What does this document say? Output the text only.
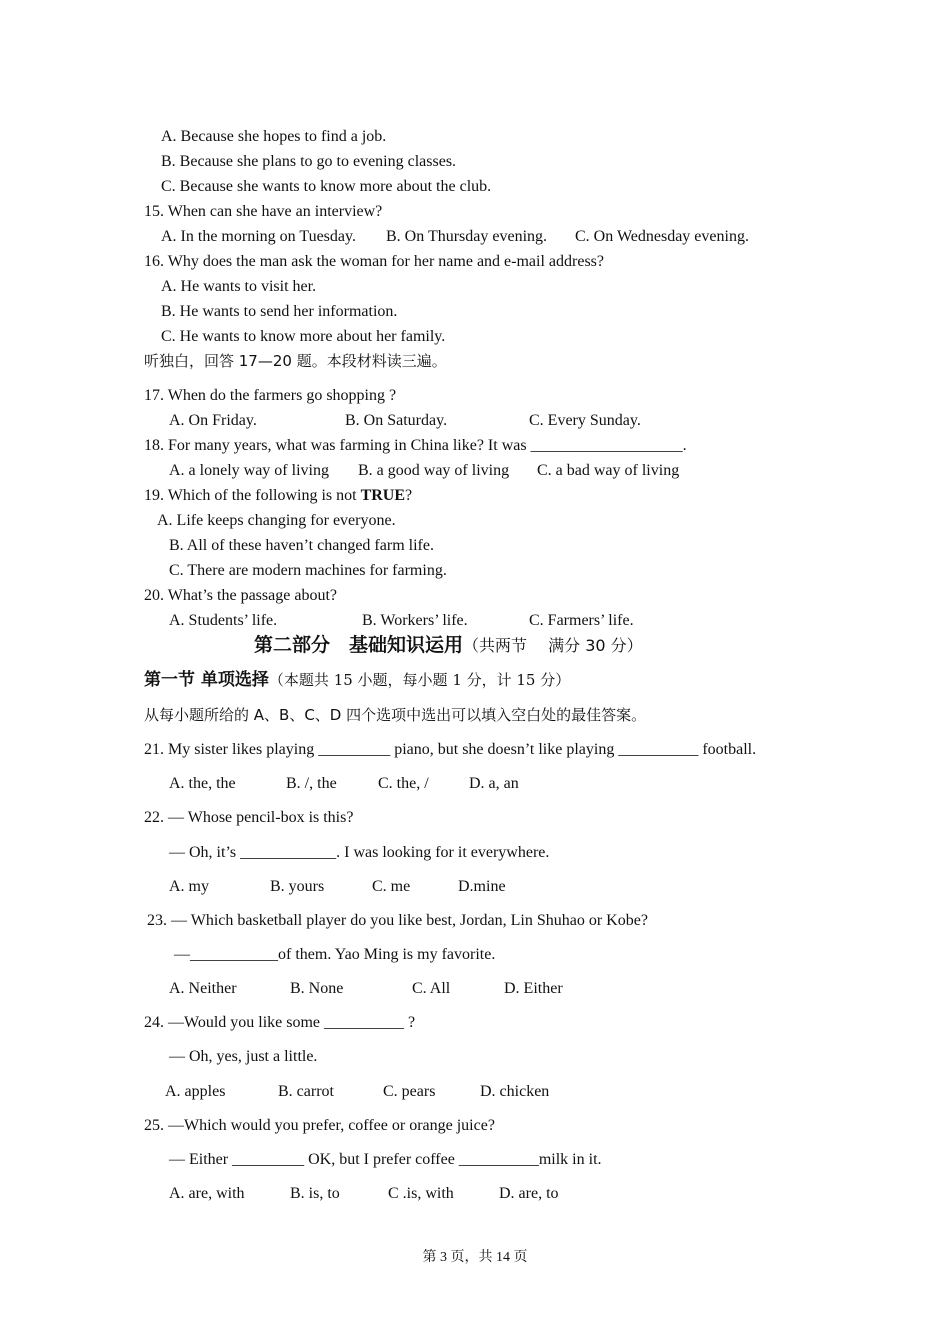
A. Because she hopes to find a job.
B. Because she plans to go to evening classes.
C. Because she wants to know more about the club.
15. When can she have an interview?
A. In the morning on Tuesday. B. On Thursday evening. C. On Wednesday evening.
16. Why does the man ask the woman for her name and e-mail address?
A. He wants to visit her.
B. He wants to send her information.
C. He wants to know more about her family.
听独白，回答 17—20 题。本段材料读三遍。
17. When do the farmers go shopping ?
A. On Friday.	B. On Saturday.	C. Every Sunday.
18. For many years, what was farming in China like? It was ___________________.
A. a lonely way of living B. a good way of living C. a bad way of living
19. Which of the following is not TRUE?
A. Life keeps changing for everyone.
B. All of these haven’t changed farm life.
C. There are modern machines for farming.
20. What’s the passage about?
A. Students’ life.	B. Workers’ life.	C. Farmers’ life.
第二部分　基础知识运用（共两节　 满分 30 分）
第一节 单项选择（本题共 15 小题，每小题 1 分，计 15 分）
从每小题所给的 A、B、C、D 四个选项中选出可以填入空白处的最佳答案。
21. My sister likes playing _________ piano, but she doesn’t like playing __________ football.
A. the, the	B. /, the	C. the, /	D. a, an
22. — Whose pencil-box is this?
— Oh, it’s ____________. I was looking for it everywhere.
A. my	B. yours	C. me	D.mine
23. — Which basketball player do you like best, Jordan, Lin Shuhao or Kobe?
—___________of them. Yao Ming is my favorite.
A. Neither	B. None	C. All	D. Either
24. —Would you like some __________ ?
— Oh, yes, just a little.
A. apples	B. carrot	C. pears	D. chicken
25. —Which would you prefer, coffee or orange juice?
— Either _________ OK, but I prefer coffee __________milk in it.
A. are, with	B. is, to	C .is, with	D. are, to
第 3 页，共 14 页
